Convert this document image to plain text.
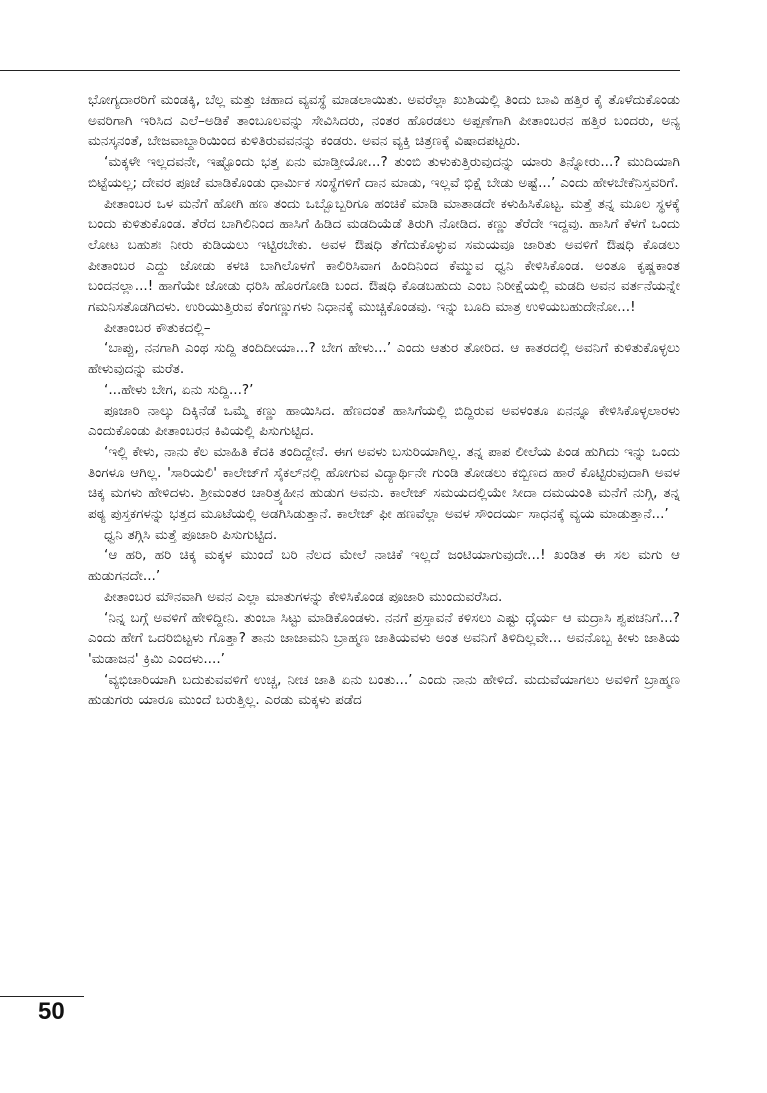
ಭೋಗ್ಯದಾರರಿಗೆ ಮಂಡಕ್ಕಿ, ಬೆಲ್ಲ ಮತ್ತು ಚಹಾದ ವ್ಯವಸ್ಥೆ ಮಾಡಲಾಯಿತು. ಅವರೆಲ್ಲಾ ಖುಶಿಯಲ್ಲಿ ತಿಂದು ಬಾವಿ ಹತ್ತಿರ ಕೈ ತೊಳೆದುಕೊಂಡು ಅವರಿಗಾಗಿ ಇರಿಸಿದ ಎಲೆ–ಅಡಿಕೆ ತಾಂಬೂಲವನ್ನು ಸೇವಿಸಿದರು, ನಂತರ ಹೊರಡಲು ಅಪ್ಪಣೆಗಾಗಿ ಪೀತಾಂಬರನ ಹತ್ತಿರ ಬಂದರು, ಅನ್ಯ ಮನಸ್ಕನಂತೆ, ಬೇಜವಾಬ್ದಾರಿಯಿಂದ ಕುಳಿತಿರುವವನನ್ನು ಕಂಡರು. ಅವನ ವ್ಯಕ್ತಿ ಚಿತ್ರಣಕ್ಕೆ ವಿಷಾದಪಟ್ಟರು.

‘ಮಕ್ಕಳೇ ಇಲ್ಲದವನೇ, ಇಷ್ಟೊಂದು ಭತ್ತ ಏನು ಮಾಡ್ತೀಯೋ...? ತುಂಬಿ ತುಳುಕುತ್ತಿರುವುದನ್ನು ಯಾರು ತಿನ್ನೋರು...? ಮುದಿಯಾಗಿ ಬಿಟ್ಟೆಯಲ್ಲ; ದೇವರ ಪೂಜೆ ಮಾಡಿಕೊಂಡು ಧಾರ್ಮಿಕ ಸಂಸ್ಥೆಗಳಿಗೆ ದಾನ ಮಾಡು, ಇಲ್ಲವೆ ಭಿಕ್ಷೆ ಬೇಡು ಅಷ್ಟೆ...’ ಎಂದು ಹೇಳಬೇಕೆನಿಸ್ತವರಿಗೆ.

ಪೀತಾಂಬರ ಒಳ ಮನೆಗೆ ಹೋಗಿ ಹಣ ತಂದು ಒಬ್ಬೊಬ್ಬರಿಗೂ ಹಂಚಿಕೆ ಮಾಡಿ ಮಾತಾಡದೇ ಕಳುಹಿಸಿಕೊಟ್ಟ. ಮತ್ತೆ ತನ್ನ ಮೂಲ ಸ್ಥಳಕ್ಕೆ ಬಂದು ಕುಳಿತುಕೊಂಡ. ತೆರೆದ ಬಾಗಿಲಿನಿಂದ ಹಾಸಿಗೆ ಹಿಡಿದ ಮಡದಿಯೆಡೆ ತಿರುಗಿ ನೋಡಿದ. ಕಣ್ಣು ತೆರೆದೇ ಇದ್ದವು. ಹಾಸಿಗೆ ಕೆಳಗೆ ಒಂದು ಲೋಟ ಬಹುಶಃ ನೀರು ಕುಡಿಯಲು ಇಟ್ಟಿರಬೇಕು. ಅವಳ ಔಷಧಿ ತೆಗೆದುಕೊಳ್ಳುವ ಸಮಯವೂ ಜಾರಿತು ಅವಳಿಗೆ ಔಷಧಿ ಕೊಡಲು ಪೀತಾಂಬರ ಎದ್ದು ಜೋಡು ಕಳಚಿ ಬಾಗಿಲೊಳಗೆ ಕಾಲಿರಿಸಿವಾಗ ಹಿಂದಿನಿಂದ ಕೆಮ್ಮುವ ಧ್ವನಿ ಕೇಳಿಸಿಕೊಂಡ. ಅಂತೂ ಕೃಷ್ಣಕಾಂತ ಬಂದನಲ್ಲಾ...! ಹಾಗೆಯೇ ಜೋಡು ಧರಿಸಿ ಹೊರಗೋಡಿ ಬಂದ. ಔಷಧಿ ಕೊಡಬಹುದು ಎಂಬ ನಿರೀಕ್ಷೆಯಲ್ಲಿ ಮಡದಿ ಅವನ ವರ್ತನೆಯನ್ನೇ ಗಮನಿಸತೊಡಗಿದಳು. ಉರಿಯುತ್ತಿರುವ ಕೆಂಗಣ್ಣುಗಳು ನಿಧಾನಕ್ಕೆ ಮುಚ್ಚಿಕೊಂಡವು. ಇನ್ನು ಬೂದಿ ಮಾತ್ರ ಉಳಿಯಬಹುದೇನೋ...!

ಪೀತಾಂಬರ ಕೌತುಕದಲ್ಲಿ–

‘ಬಾಪ್ಪು, ನನಗಾಗಿ ಎಂಥ ಸುದ್ದಿ ತಂದಿದೀಯಾ...? ಬೇಗ ಹೇಳು...’ ಎಂದು ಆತುರ ತೋರಿದ. ಆ ಕಾತರದಲ್ಲಿ ಅವನಿಗೆ ಕುಳಿತುಕೊಳ್ಳಲು ಹೇಳುವುದನ್ನು ಮರೆತ.

‘...ಹೇಳು ಬೇಗ, ಏನು ಸುದ್ದಿ...?’

ಪೂಜಾರಿ ನಾಲ್ಕು ದಿಕ್ಕಿನೆಡೆ ಒಮ್ಮೆ ಕಣ್ಣು ಹಾಯಿಸಿದ. ಹೆಣದಂತೆ ಹಾಸಿಗೆಯಲ್ಲಿ ಬಿದ್ದಿರುವ ಅವಳಂತೂ ಏನನ್ನೂ ಕೇಳಿಸಿಕೊಳ್ಳಲಾರಳು ಎಂದುಕೊಂಡು ಪೀತಾಂಬರನ ಕಿವಿಯಲ್ಲಿ ಪಿಸುಗುಟ್ಟಿದ.

‘ಇಲ್ಲಿ ಕೇಳು, ನಾನು ಕೆಲ ಮಾಹಿತಿ ಕೆದಕಿ ತಂದಿದ್ದೇನೆ. ಈಗ ಅವಳು ಬಸುರಿಯಾಗಿಲ್ಲ. ತನ್ನ ಪಾಪ ಲೀಲೆಯ ಪಿಂಡ ಹುಗಿದು ಇನ್ನು ಒಂದು ತಿಂಗಳೂ ಆಗಿಲ್ಲ. 'ಸಾರಿಯಲಿ' ಕಾಲೇಜ್‌ಗೆ ಸೈಕಲ್‌ನಲ್ಲಿ ಹೋಗುವ ವಿದ್ಯಾರ್ಥಿನೇ ಗುಂಡಿ ತೋಡಲು ಕಬ್ಬಿಣದ ಹಾರೆ ಕೊಟ್ಟಿರುವುದಾಗಿ ಅವಳ ಚಿಕ್ಕ ಮಗಳು ಹೇಳಿದಳು. ಶ್ರೀಮಂತರ ಚಾರಿತ್ರ್ಯಹೀನ ಹುಡುಗ ಅವನು. ಕಾಲೇಜ್ ಸಮಯದಲ್ಲಿಯೇ ಸೀದಾ ದಮಯಂತಿ ಮನೆಗೆ ನುಗ್ಗಿ, ತನ್ನ ಪಠ್ಯ ಪುಸ್ತಕಗಳನ್ನು ಭತ್ತದ ಮೂಟೆಯಲ್ಲಿ ಅಡಗಿಸಿಡುತ್ತಾನೆ. ಕಾಲೇಜ್ ಫೀ ಹಣವೆಲ್ಲಾ ಅವಳ ಸೌಂದರ್ಯ ಸಾಧನಕ್ಕೆ ವ್ಯಯ ಮಾಡುತ್ತಾನೆ...’

ಧ್ವನಿ ತಗ್ಗಿಸಿ ಮತ್ತೆ ಪೂಜಾರಿ ಪಿಸುಗುಟ್ಟಿದ.

‘ಆ ಹರಿ, ಹರಿ ಚಿಕ್ಕ ಮಕ್ಕಳ ಮುಂದೆ ಬರಿ ನೆಲದ ಮೇಲೆ ನಾಚಿಕೆ ಇಲ್ಲದೆ ಜಂಟಿಯಾಗುವುದೇ...! ಖಂಡಿತ ಈ ಸಲ ಮಗು ಆ ಹುಡುಗನದೇ...’

ಪೀತಾಂಬರ ಮೌನವಾಗಿ ಅವನ ಎಲ್ಲಾ ಮಾತುಗಳನ್ನು ಕೇಳಿಸಿಕೊಂಡ ಪೂಜಾರಿ ಮುಂದುವರೆಸಿದ.

‘ನಿನ್ನ ಬಗ್ಗೆ ಅವಳಿಗೆ ಹೇಳಿದ್ದೀನಿ. ತುಂಬಾ ಸಿಟ್ಟು ಮಾಡಿಕೊಂಡಳು. ನನಗೆ ಪ್ರಸ್ತಾವನೆ ಕಳಿಸಲು ಎಷ್ಟು ಧೈರ್ಯ ಆ ಮದ್ರಾಸಿ ಶ್ವಪಚನಿಗೆ...? ಎಂದು ಹೇಗೆ ಒದರಿಬಿಟ್ಟಳು ಗೊತ್ತಾ? ತಾನು ಜಾಜಾಮನಿ ಬ್ರಾಹ್ಮಣ ಜಾತಿಯವಳು ಅಂತ ಅವನಿಗೆ ತಿಳಿದಿಲ್ಲವೇ... ಅವನೊಬ್ಬ ಕೀಳು ಜಾತಿಯ 'ಮಡಾಜನ' ಕ್ರಿಮಿ ಎಂದಳು....’

‘ವ್ಯಭಿಚಾರಿಯಾಗಿ ಬದುಕುವವಳಿಗೆ ಉಚ್ಚ, ನೀಚ ಜಾತಿ ಏನು ಬಂತು...’ ಎಂದು ನಾನು ಹೇಳಿದೆ. ಮದುವೆಯಾಗಲು ಅವಳಿಗೆ ಬ್ರಾಹ್ಮಣ ಹುಡುಗರು ಯಾರೂ ಮುಂದೆ ಬರುತ್ತಿಲ್ಲ. ಎರಡು ಮಕ್ಕಳು ಪಡೆದ

50
